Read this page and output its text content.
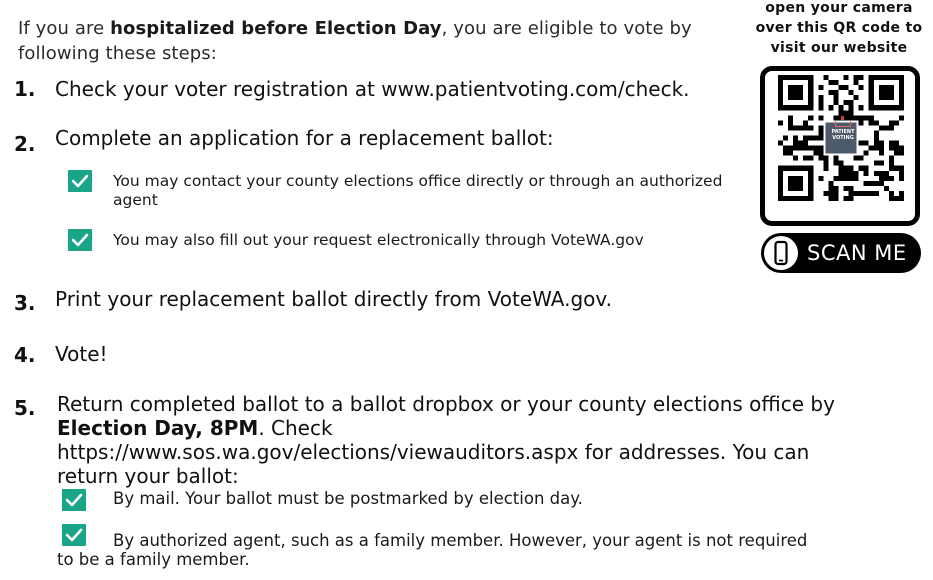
If you are hospitalized before Election Day, you are eligible to vote by following these steps:
1. Check your voter registration at www.patientvoting.com/check.
2. Complete an application for a replacement ballot:
You may contact your county elections office directly or through an authorized agent
You may also fill out your request electronically through VoteWA.gov
3. Print your replacement ballot directly from VoteWA.gov.
4. Vote!
5. Return completed ballot to a ballot dropbox or your county elections office by Election Day, 8PM. Check https://www.sos.wa.gov/elections/viewauditors.aspx for addresses. You can return your ballot:
By mail. Your ballot must be postmarked by election day.
By authorized agent, such as a family member. However, your agent is not required to be a family member.
open your camera over this QR code to visit our website
PATIENT
VOTING
SCAN ME
